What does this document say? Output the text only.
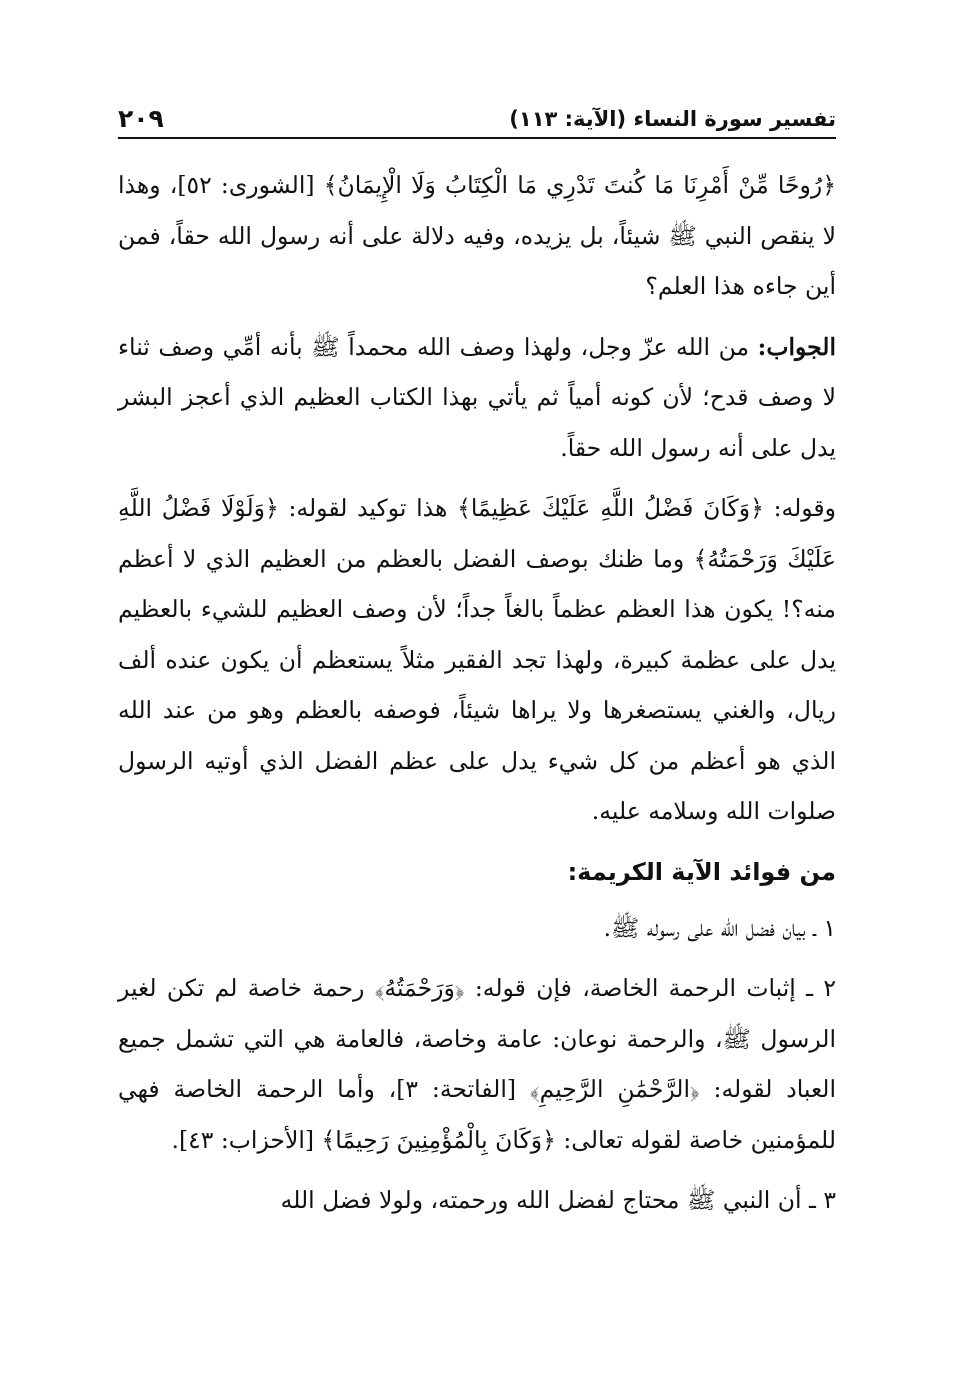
تفسير سورة النساء (الآية: ١١٣)
٢٠٩

﴿رُوحًا مِّنْ أَمْرِنَا مَا كُنتَ تَدْرِي مَا الْكِتَابُ وَلَا الْإِيمَانُ﴾ [الشورى: ٥٢]، وهذا لا ينقص النبي ﷺ شيئاً، بل يزيده، وفيه دلالة على أنه رسول الله حقاً، فمن أين جاءه هذا العلم؟

الجواب: من الله عزّ وجل، ولهذا وصف الله محمداً ﷺ بأنه أمِّي وصف ثناء لا وصف قدح؛ لأن كونه أمياً ثم يأتي بهذا الكتاب العظيم الذي أعجز البشر يدل على أنه رسول الله حقاً.

وقوله: ﴿وَكَانَ فَضْلُ اللَّهِ عَلَيْكَ عَظِيمًا﴾ هذا توكيد لقوله: ﴿وَلَوْلَا فَضْلُ اللَّهِ عَلَيْكَ وَرَحْمَتُهُ﴾ وما ظنك بوصف الفضل بالعظم من العظيم الذي لا أعظم منه؟! يكون هذا العظم عظماً بالغاً جداً؛ لأن وصف العظيم للشيء بالعظيم يدل على عظمة كبيرة، ولهذا تجد الفقير مثلاً يستعظم أن يكون عنده ألف ريال، والغني يستصغرها ولا يراها شيئاً، فوصفه بالعظم وهو من عند الله الذي هو أعظم من كل شيء يدل على عظم الفضل الذي أوتيه الرسول صلوات الله وسلامه عليه.

من فوائد الآية الكريمة:

١ ـ بيان فضل الله على رسوله ﷺ.

٢ ـ إثبات الرحمة الخاصة، فإن قوله: ﴿وَرَحْمَتُهُ﴾ رحمة خاصة لم تكن لغير الرسول ﷺ، والرحمة نوعان: عامة وخاصة، فالعامة هي التي تشمل جميع العباد لقوله: ﴿الرَّحْمَٰنِ الرَّحِيمِ﴾ [الفاتحة: ٣]، وأما الرحمة الخاصة فهي للمؤمنين خاصة لقوله تعالى: ﴿وَكَانَ بِالْمُؤْمِنِينَ رَحِيمًا﴾ [الأحزاب: ٤٣].

٣ ـ أن النبي ﷺ محتاج لفضل الله ورحمته، ولولا فضل الله
